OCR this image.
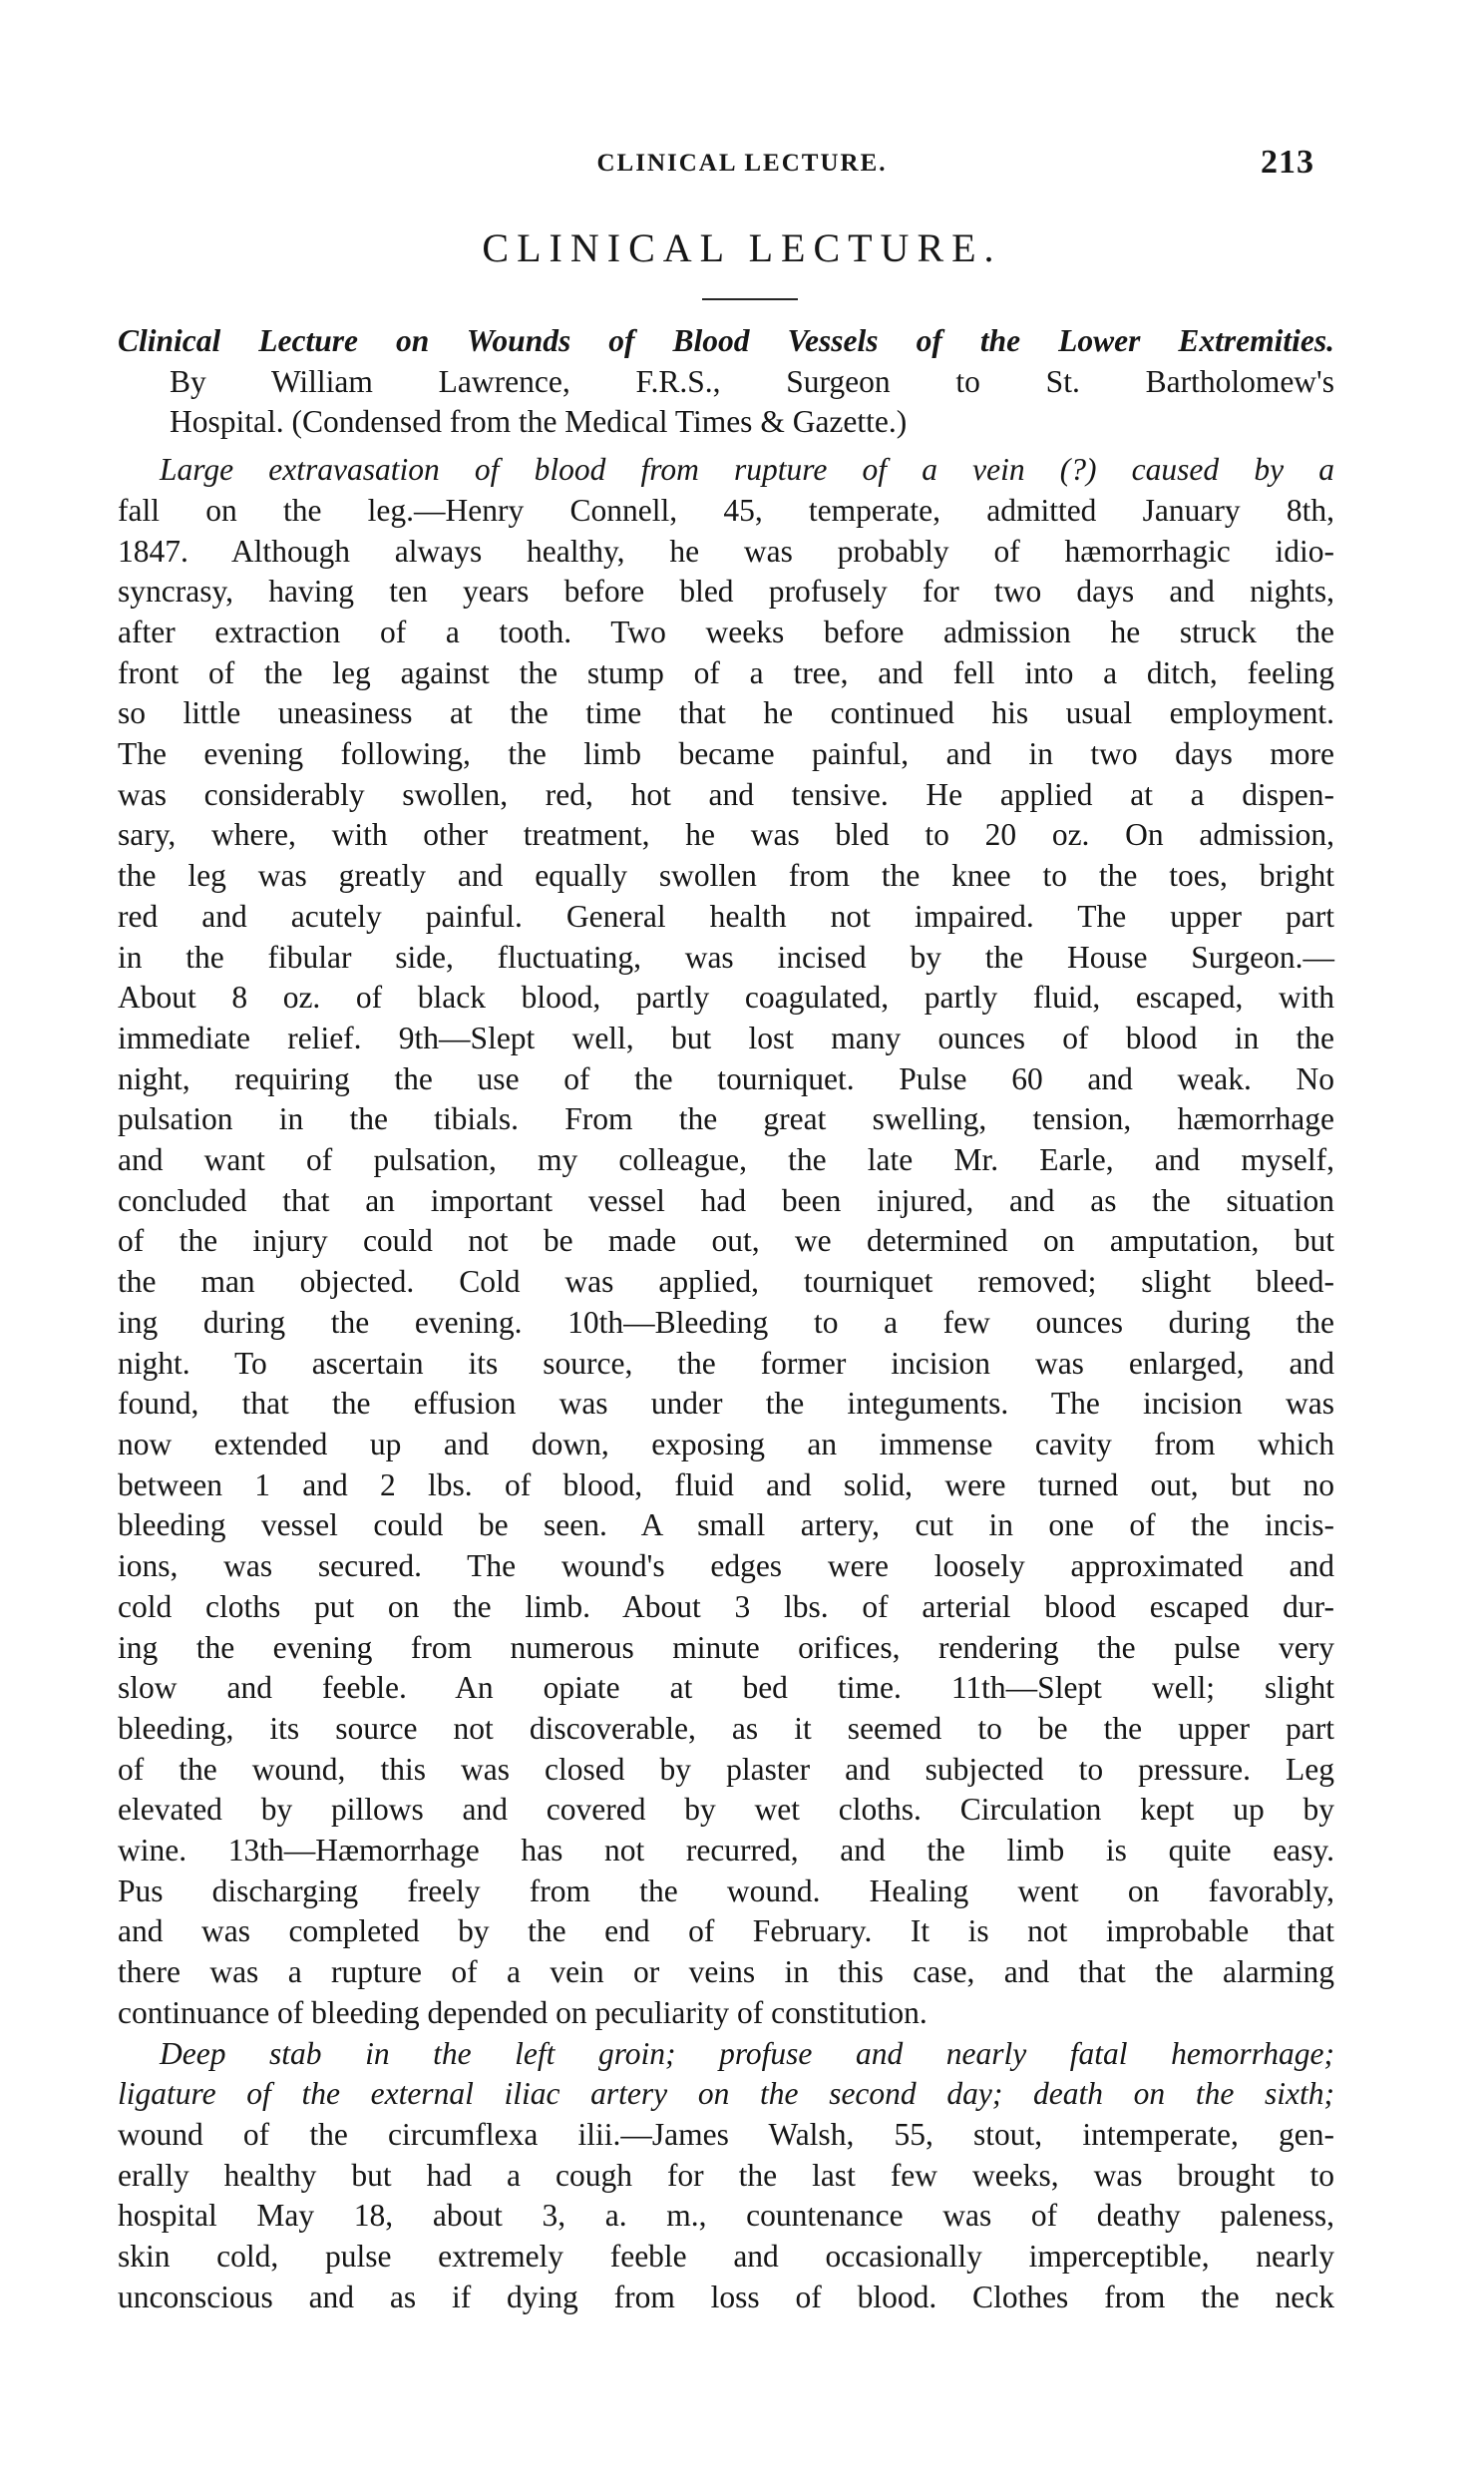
CLINICAL LECTURE.	213
CLINICAL LECTURE.
Clinical Lecture on Wounds of Blood Vessels of the Lower Extremities.
By William Lawrence, F.R.S., Surgeon to St. Bartholomew's
Hospital. (Condensed from the Medical Times & Gazette.)
Large extravasation of blood from rupture of a vein (?) caused by a
fall on the leg.—Henry Connell, 45, temperate, admitted January 8th,
1847. Although always healthy, he was probably of hæmorrhagic idio-
syncrasy, having ten years before bled profusely for two days and nights,
after extraction of a tooth. Two weeks before admission he struck the
front of the leg against the stump of a tree, and fell into a ditch, feeling
so little uneasiness at the time that he continued his usual employment.
The evening following, the limb became painful, and in two days more
was considerably swollen, red, hot and tensive. He applied at a dispen-
sary, where, with other treatment, he was bled to 20 oz. On admission,
the leg was greatly and equally swollen from the knee to the toes, bright
red and acutely painful. General health not impaired. The upper part
in the fibular side, fluctuating, was incised by the House Surgeon.—
About 8 oz. of black blood, partly coagulated, partly fluid, escaped, with
immediate relief. 9th—Slept well, but lost many ounces of blood in the
night, requiring the use of the tourniquet. Pulse 60 and weak. No
pulsation in the tibials. From the great swelling, tension, hæmorrhage
and want of pulsation, my colleague, the late Mr. Earle, and myself,
concluded that an important vessel had been injured, and as the situation
of the injury could not be made out, we determined on amputation, but
the man objected. Cold was applied, tourniquet removed; slight bleed-
ing during the evening. 10th—Bleeding to a few ounces during the
night. To ascertain its source, the former incision was enlarged, and
found, that the effusion was under the integuments. The incision was
now extended up and down, exposing an immense cavity from which
between 1 and 2 lbs. of blood, fluid and solid, were turned out, but no
bleeding vessel could be seen. A small artery, cut in one of the incis-
ions, was secured. The wound's edges were loosely approximated and
cold cloths put on the limb. About 3 lbs. of arterial blood escaped dur-
ing the evening from numerous minute orifices, rendering the pulse very
slow and feeble. An opiate at bed time. 11th—Slept well; slight
bleeding, its source not discoverable, as it seemed to be the upper part
of the wound, this was closed by plaster and subjected to pressure. Leg
elevated by pillows and covered by wet cloths. Circulation kept up by
wine. 13th—Hæmorrhage has not recurred, and the limb is quite easy.
Pus discharging freely from the wound. Healing went on favorably,
and was completed by the end of February. It is not improbable that
there was a rupture of a vein or veins in this case, and that the alarming
continuance of bleeding depended on peculiarity of constitution.
Deep stab in the left groin; profuse and nearly fatal hemorrhage;
ligature of the external iliac artery on the second day; death on the sixth;
wound of the circumflexa ilii.—James Walsh, 55, stout, intemperate, gen-
erally healthy but had a cough for the last few weeks, was brought to
hospital May 18, about 3, a. m., countenance was of deathy paleness,
skin cold, pulse extremely feeble and occasionally imperceptible, nearly
unconscious and as if dying from loss of blood. Clothes from the neck
